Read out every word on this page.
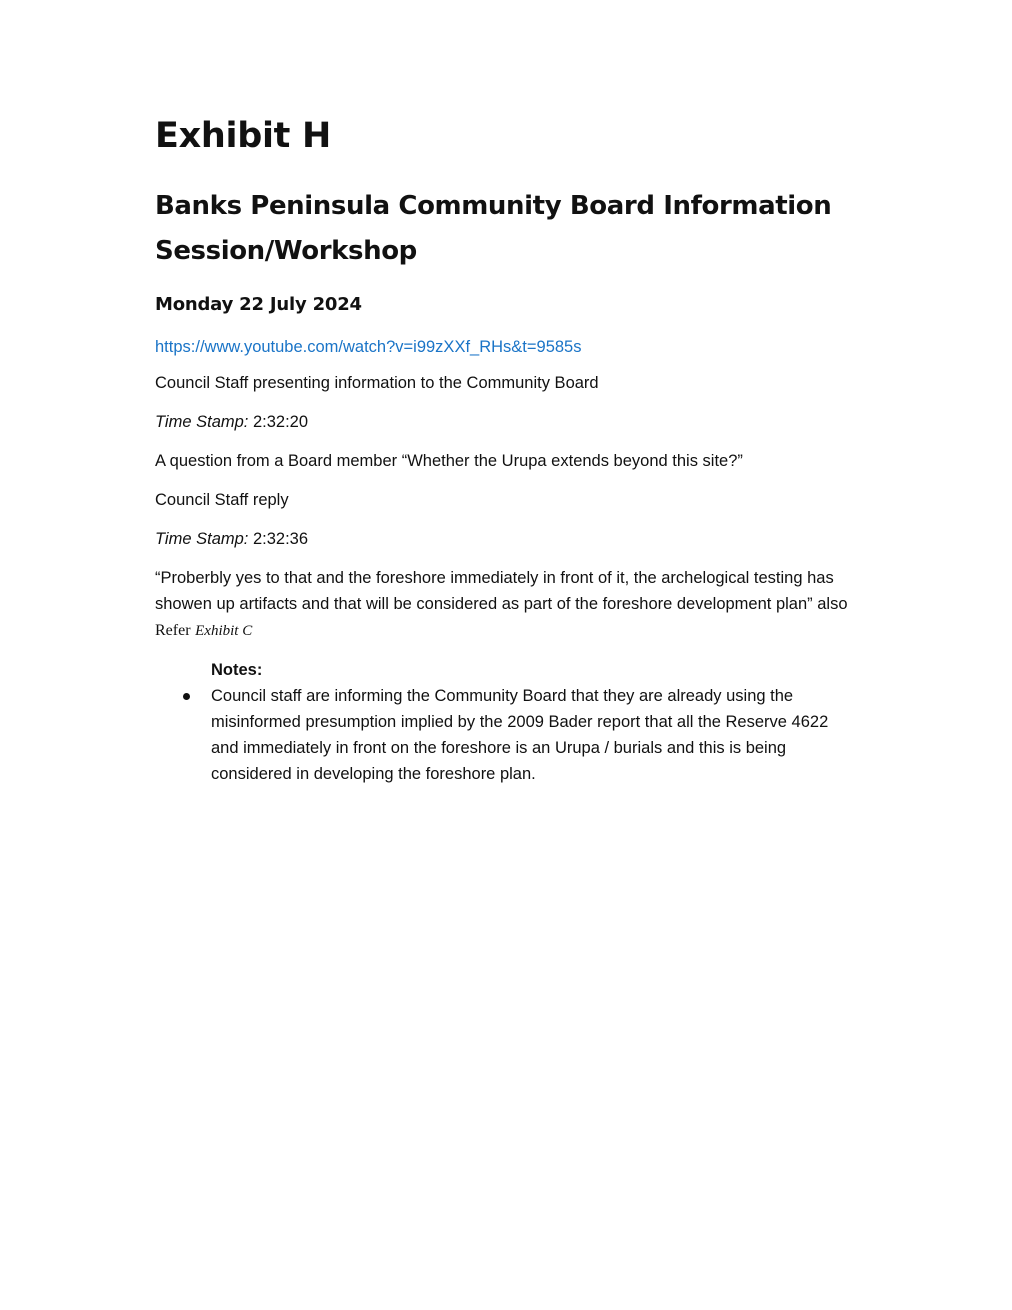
Exhibit H
Banks Peninsula Community Board Information Session/Workshop
Monday 22 July 2024
https://www.youtube.com/watch?v=i99zXXf_RHs&t=9585s

Council Staff presenting information to the Community Board

Time Stamp: 2:32:20

A question from a Board member “Whether the Urupa extends beyond this site?”

Council Staff reply

Time Stamp: 2:32:36

“Proberbly yes to that and the foreshore immediately in front of it, the archelogical testing has showen up artifacts and that will be considered as part of the foreshore development plan” also Refer Exhibit C

Notes:
Council staff are informing the Community Board that they are already using the misinformed presumption implied by the 2009 Bader report that all the Reserve 4622 and immediately in front on the foreshore is an Urupa / burials and this is being considered in developing the foreshore plan.
